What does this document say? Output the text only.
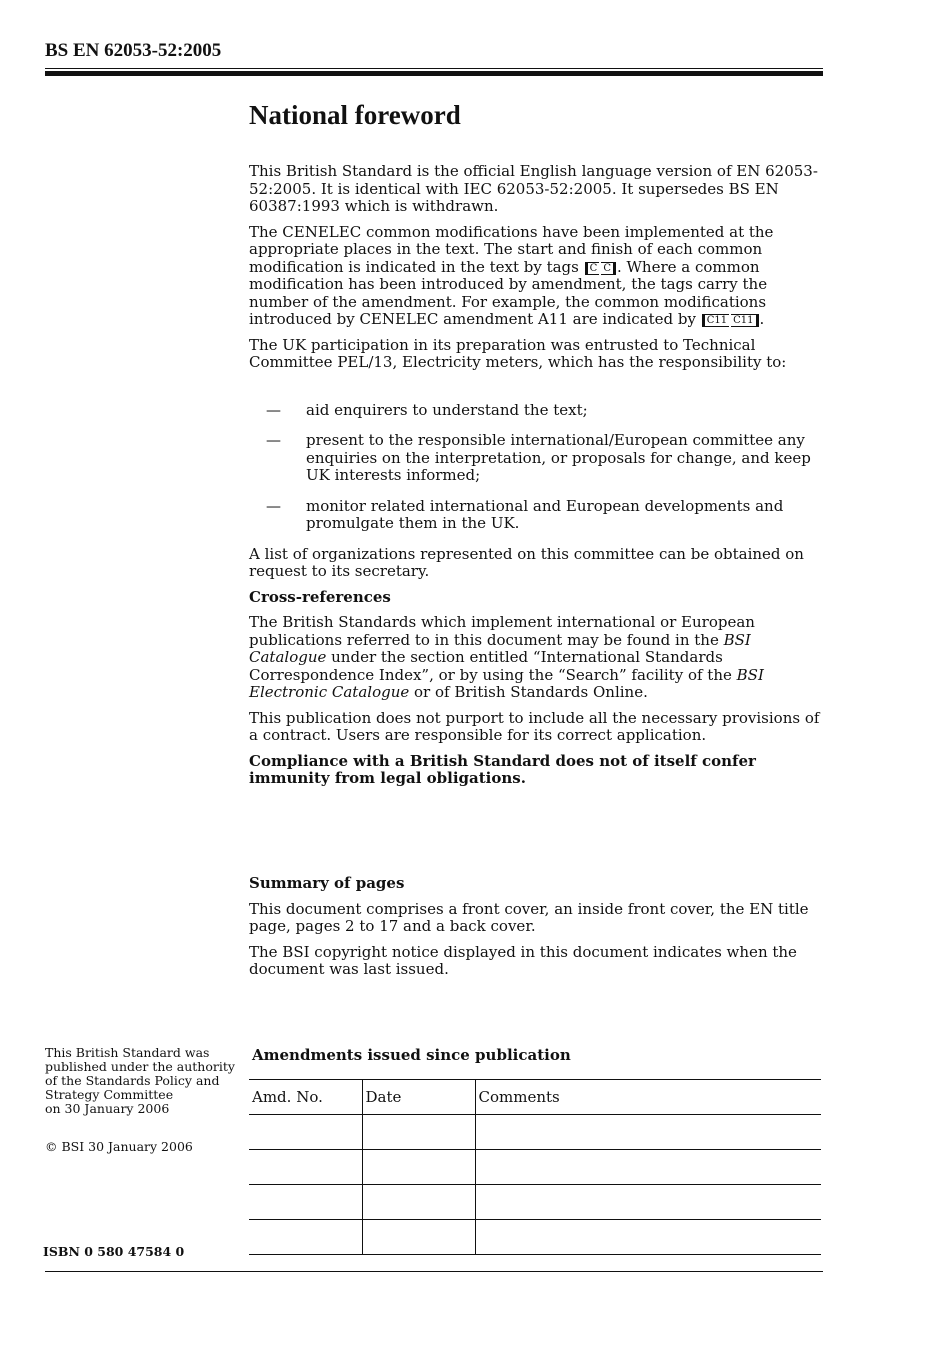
BS EN 62053-52:2005
National foreword

This British Standard is the official English language version of EN 62053-52:2005. It is identical with IEC 62053-52:2005. It supersedes BS EN 60387:1993 which is withdrawn.

The CENELEC common modifications have been implemented at the appropriate places in the text. The start and finish of each common modification is indicated in the text by tags C C . Where a common modification has been introduced by amendment, the tags carry the number of the amendment. For example, the common modifications introduced by CENELEC amendment A11 are indicated by C11 C11 .

The UK participation in its preparation was entrusted to Technical Committee PEL/13, Electricity meters, which has the responsibility to:

— aid enquirers to understand the text;
— present to the responsible international/European committee any enquiries on the interpretation, or proposals for change, and keep UK interests informed;
— monitor related international and European developments and promulgate them in the UK.

A list of organizations represented on this committee can be obtained on request to its secretary.

Cross-references

The British Standards which implement international or European publications referred to in this document may be found in the BSI Catalogue under the section entitled “International Standards Correspondence Index”, or by using the “Search” facility of the BSI Electronic Catalogue or of British Standards Online.

This publication does not purport to include all the necessary provisions of a contract. Users are responsible for its correct application.

Compliance with a British Standard does not of itself confer immunity from legal obligations.

Summary of pages

This document comprises a front cover, an inside front cover, the EN title page, pages 2 to 17 and a back cover.

The BSI copyright notice displayed in this document indicates when the document was last issued.

This British Standard was
published under the authority
of the Standards Policy and
Strategy Committee
on 30 January 2006
© BSI 30 January 2006
ISBN 0 580 47584 0
Amendments issued since publication
Amd. No.	Date	Comments
